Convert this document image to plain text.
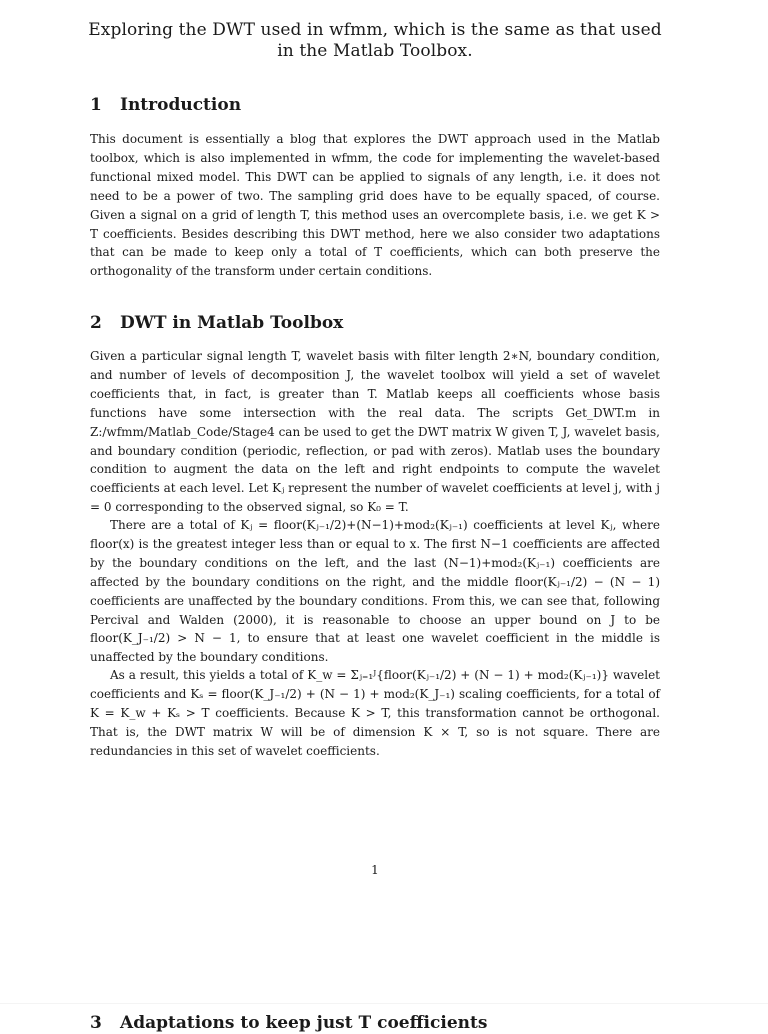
Exploring the DWT used in wfmm, which is the same as that used in the Matlab Toolbox.
1 Introduction

This document is essentially a blog that explores the DWT approach used in the Matlab toolbox, which is also implemented in wfmm, the code for implementing the wavelet-based functional mixed model. This DWT can be applied to signals of any length, i.e. it does not need to be a power of two. The sampling grid does have to be equally spaced, of course. Given a signal on a grid of length T, this method uses an overcomplete basis, i.e. we get K > T coefficients. Besides describing this DWT method, here we also consider two adaptations that can be made to keep only a total of T coefficients, which can both preserve the orthogonality of the transform under certain conditions.

2 DWT in Matlab Toolbox

Given a particular signal length T, wavelet basis with filter length 2∗N, boundary condition, and number of levels of decomposition J, the wavelet toolbox will yield a set of wavelet coefficients that, in fact, is greater than T. Matlab keeps all coefficients whose basis functions have some intersection with the real data. The scripts Get_DWT.m in Z:/wfmm/Matlab_Code/Stage4 can be used to get the DWT matrix W given T, J, wavelet basis, and boundary condition (periodic, reflection, or pad with zeros). Matlab uses the boundary condition to augment the data on the left and right endpoints to compute the wavelet coefficients at each level. Let Kⱼ represent the number of wavelet coefficients at level j, with j = 0 corresponding to the observed signal, so K₀ = T.

There are a total of Kⱼ = floor(Kⱼ₋₁/2)+(N−1)+mod₂(Kⱼ₋₁) coefficients at level Kⱼ, where floor(x) is the greatest integer less than or equal to x. The first N−1 coefficients are affected by the boundary conditions on the left, and the last (N−1)+mod₂(Kⱼ₋₁) coefficients are affected by the boundary conditions on the right, and the middle floor(Kⱼ₋₁/2) − (N − 1) coefficients are unaffected by the boundary conditions. From this, we can see that, following Percival and Walden (2000), it is reasonable to choose an upper bound on J to be floor(K_J₋₁/2) > N − 1, to ensure that at least one wavelet coefficient in the middle is unaffected by the boundary conditions.

As a result, this yields a total of K_w = Σⱼ₌₁ᴶ{floor(Kⱼ₋₁/2) + (N − 1) + mod₂(Kⱼ₋₁)} wavelet coefficients and Kₛ = floor(K_J₋₁/2) + (N − 1) + mod₂(K_J₋₁) scaling coefficients, for a total of K = K_w + Kₛ > T coefficients. Because K > T, this transformation cannot be orthogonal. That is, the DWT matrix W will be of dimension K × T, so is not square. There are redundancies in this set of wavelet coefficients.

1
3 Adaptations to keep just T coefficients
